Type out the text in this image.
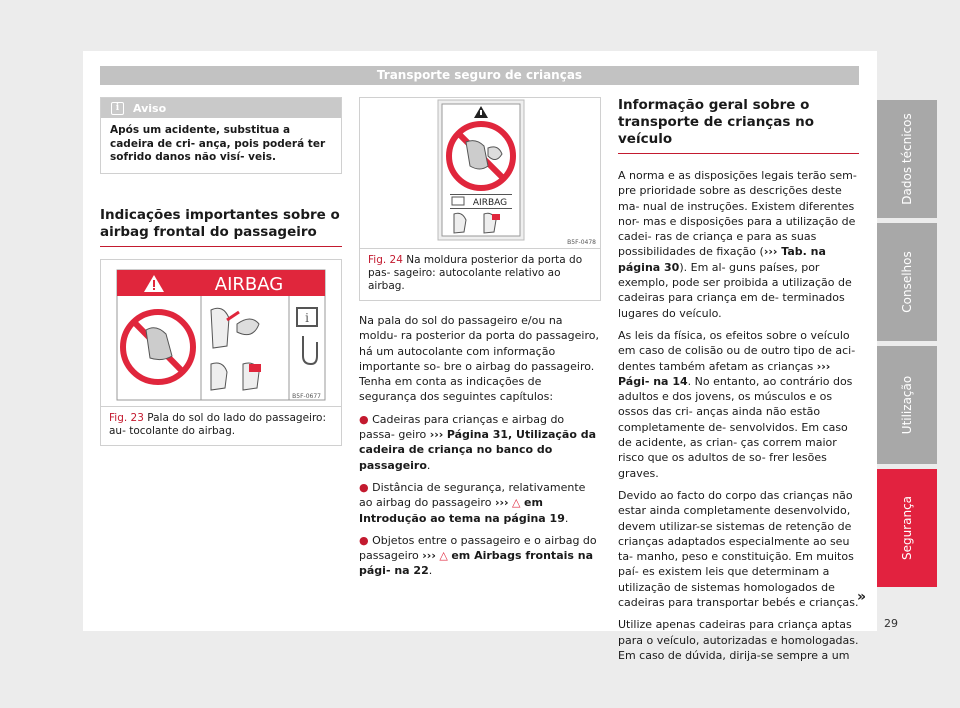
Transporte seguro de crianças
i	Aviso
Após um acidente, substitua a cadeira de cri- ança, pois poderá ter sofrido danos não visí- veis.
Indicações importantes sobre o airbag frontal do passageiro
AIRBAG
i
B5F-0677
Fig. 23 Pala do sol do lado do passageiro: au- tocolante do airbag.
AIRBAG
B5F-0478
Fig. 24 Na moldura posterior da porta do pas- sageiro: autocolante relativo ao airbag.

Na pala do sol do passageiro e/ou na moldu- ra posterior da porta do passageiro, há um autocolante com informação importante so- bre o airbag do passageiro. Tenha em conta as indicações de segurança dos seguintes capítulos:

● Cadeiras para crianças e airbag do passa- geiro ››› Página 31, Utilização da cadeira de criança no banco do passageiro.

● Distância de segurança, relativamente ao airbag do passageiro ››› △ em Introdução ao tema na página 19.

● Objetos entre o passageiro e o airbag do passageiro ››› △ em Airbags frontais na pági- na 22.

Informação geral sobre o transporte de crianças no veículo

A norma e as disposições legais terão sem- pre prioridade sobre as descrições deste ma- nual de instruções. Existem diferentes nor- mas e disposições para a utilização de cadei- ras de criança e para as suas possibilidades de fixação (››› Tab. na página 30). Em al- guns países, por exemplo, pode ser proibida a utilização de cadeiras para criança em de- terminados lugares do veículo.

As leis da física, os efeitos sobre o veículo em caso de colisão ou de outro tipo de aci- dentes também afetam as crianças ››› Pági- na 14. No entanto, ao contrário dos adultos e dos jovens, os músculos e os ossos das cri- anças ainda não estão completamente de- senvolvidos. Em caso de acidente, as crian- ças correm maior risco que os adultos de so- frer lesões graves.

Devido ao facto do corpo das crianças não estar ainda completamente desenvolvido, devem utilizar-se sistemas de retenção de crianças adaptados especialmente ao seu ta- manho, peso e constituição. Em muitos paí- es existem leis que determinam a utilização de sistemas homologados de cadeiras para transportar bebés e crianças.

Utilize apenas cadeiras para criança aptas para o veículo, autorizadas e homologadas. Em caso de dúvida, dirija-se sempre a um

»
Dados técnicos
Conselhos
Utilização
Segurança
29
